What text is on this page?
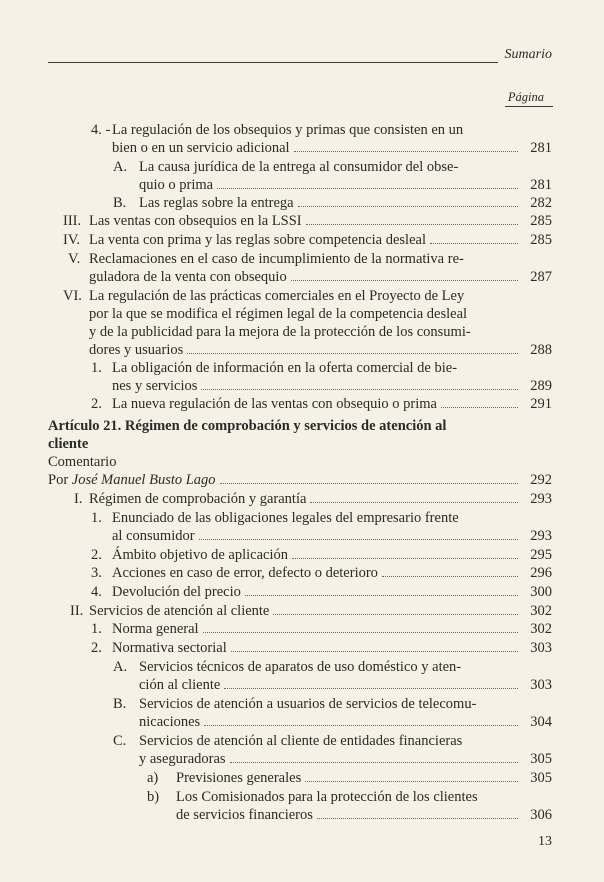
Sumario
Página
4. - La regulación de los obsequios y primas que consisten en un
bien o en un servicio adicional	281
A. La causa jurídica de la entrega al consumidor del obse-
quio o prima	281
B. Las reglas sobre la entrega	282
III. Las ventas con obsequios en la LSSI	285
IV. La venta con prima y las reglas sobre competencia desleal	285
V. Reclamaciones en el caso de incumplimiento de la normativa re-
guladora de la venta con obsequio	287
VI. La regulación de las prácticas comerciales en el Proyecto de Ley
por la que se modifica el régimen legal de la competencia desleal
y de la publicidad para la mejora de la protección de los consumi-
dores y usuarios	288
1. La obligación de información en la oferta comercial de bie-
nes y servicios	289
2. La nueva regulación de las ventas con obsequio o prima	291
Artículo 21. Régimen de comprobación y servicios de atención al
cliente
Comentario
Por José Manuel Busto Lago	292
I. Régimen de comprobación y garantía	293
1. Enunciado de las obligaciones legales del empresario frente
al consumidor	293
2. Ámbito objetivo de aplicación	295
3. Acciones en caso de error, defecto o deterioro	296
4. Devolución del precio	300
II. Servicios de atención al cliente	302
1. Norma general	302
2. Normativa sectorial	303
A. Servicios técnicos de aparatos de uso doméstico y aten-
ción al cliente	303
B. Servicios de atención a usuarios de servicios de telecomu-
nicaciones	304
C. Servicios de atención al cliente de entidades financieras
y aseguradoras	305
a) Previsiones generales	305
b) Los Comisionados para la protección de los clientes
de servicios financieros	306
13
